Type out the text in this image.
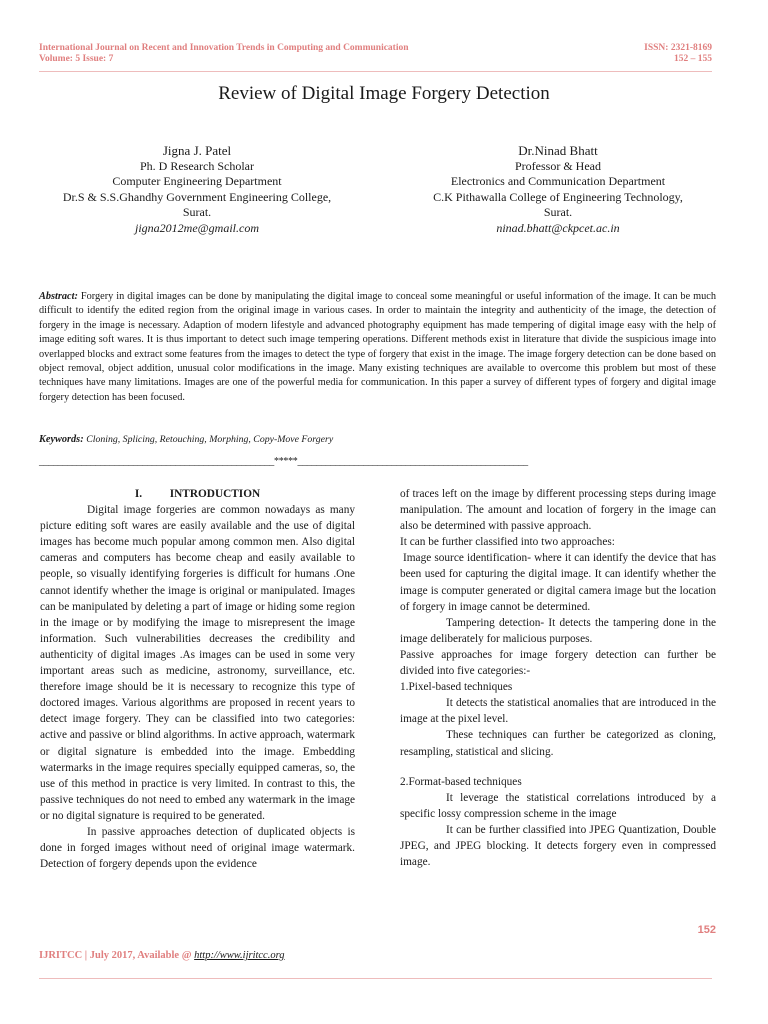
International Journal on Recent and Innovation Trends in Computing and Communication
Volume: 5 Issue: 7
ISSN: 2321-8169
152 – 155
Review of Digital Image Forgery Detection
Jigna J. Patel
Ph. D Research Scholar
Computer Engineering Department
Dr.S & S.S.Ghandhy Government Engineering College,
Surat.
jigna2012me@gmail.com
Dr.Ninad Bhatt
Professor & Head
Electronics and Communication Department
C.K Pithawalla College of Engineering Technology,
Surat.
ninad.bhatt@ckpcet.ac.in
Abstract: Forgery in digital images can be done by manipulating the digital image to conceal some meaningful or useful information of the image. It can be much difficult to identify the edited region from the original image in various cases. In order to maintain the integrity and authenticity of the image, the detection of forgery in the image is necessary. Adaption of modern lifestyle and advanced photography equipment has made tempering of digital image easy with the help of image editing soft wares. It is thus important to detect such image tempering operations. Different methods exist in literature that divide the suspicious image into overlapped blocks and extract some features from the images to detect the type of forgery that exist in the image. The image forgery detection can be done based on object removal, object addition, unusual color modifications in the image. Many existing techniques are available to overcome this problem but most of these techniques have many limitations. Images are one of the powerful media for communication. In this paper a survey of different types of forgery and digital image forgery detection has been focused.
Keywords: Cloning, Splicing, Retouching, Morphing, Copy-Move Forgery
__________________________________________________*****_________________________________________________
I. INTRODUCTION

Digital image forgeries are common nowadays as many picture editing soft wares are easily available and the use of digital images has become much popular among common men. Also digital cameras and computers has become cheap and easily available to people, so visually identifying forgeries is difficult for humans .One cannot identify whether the image is original or manipulated. Images can be manipulated by deleting a part of image or hiding some region in the image or by modifying the image to misrepresent the image information. Such vulnerabilities decreases the credibility and authenticity of digital images .As images can be used in some very important areas such as medicine, astronomy, surveillance, etc. therefore image should be it is necessary to recognize this type of doctored images. Various algorithms are proposed in recent years to detect image forgery. They can be classified into two categories: active and passive or blind algorithms. In active approach, watermark or digital signature is embedded into the image. Embedding watermarks in the image requires specially equipped cameras, so, the use of this method in practice is very limited. In contrast to this, the passive techniques do not need to embed any watermark in the image or no digital signature is required to be generated.

In passive approaches detection of duplicated objects is done in forged images without need of original image watermark. Detection of forgery depends upon the evidence

of traces left on the image by different processing steps during image manipulation. The amount and location of forgery in the image can also be determined with passive approach.

It can be further classified into two approaches:

Image source identification- where it can identify the device that has been used for capturing the digital image. It can identify whether the image is computer generated or digital camera image but the location of forgery in image cannot be determined.

Tampering detection- It detects the tampering done in the image deliberately for malicious purposes.

Passive approaches for image forgery detection can further be divided into five categories:-

1.Pixel-based techniques

It detects the statistical anomalies that are introduced in the image at the pixel level.

These techniques can further be categorized as cloning, resampling, statistical and slicing.

2.Format-based techniques

It leverage the statistical correlations introduced by a specific lossy compression scheme in the image

It can be further classified into JPEG Quantization, Double JPEG, and JPEG blocking. It detects forgery even in compressed image.

152
IJRITCC | July 2017, Available @ http://www.ijritcc.org
